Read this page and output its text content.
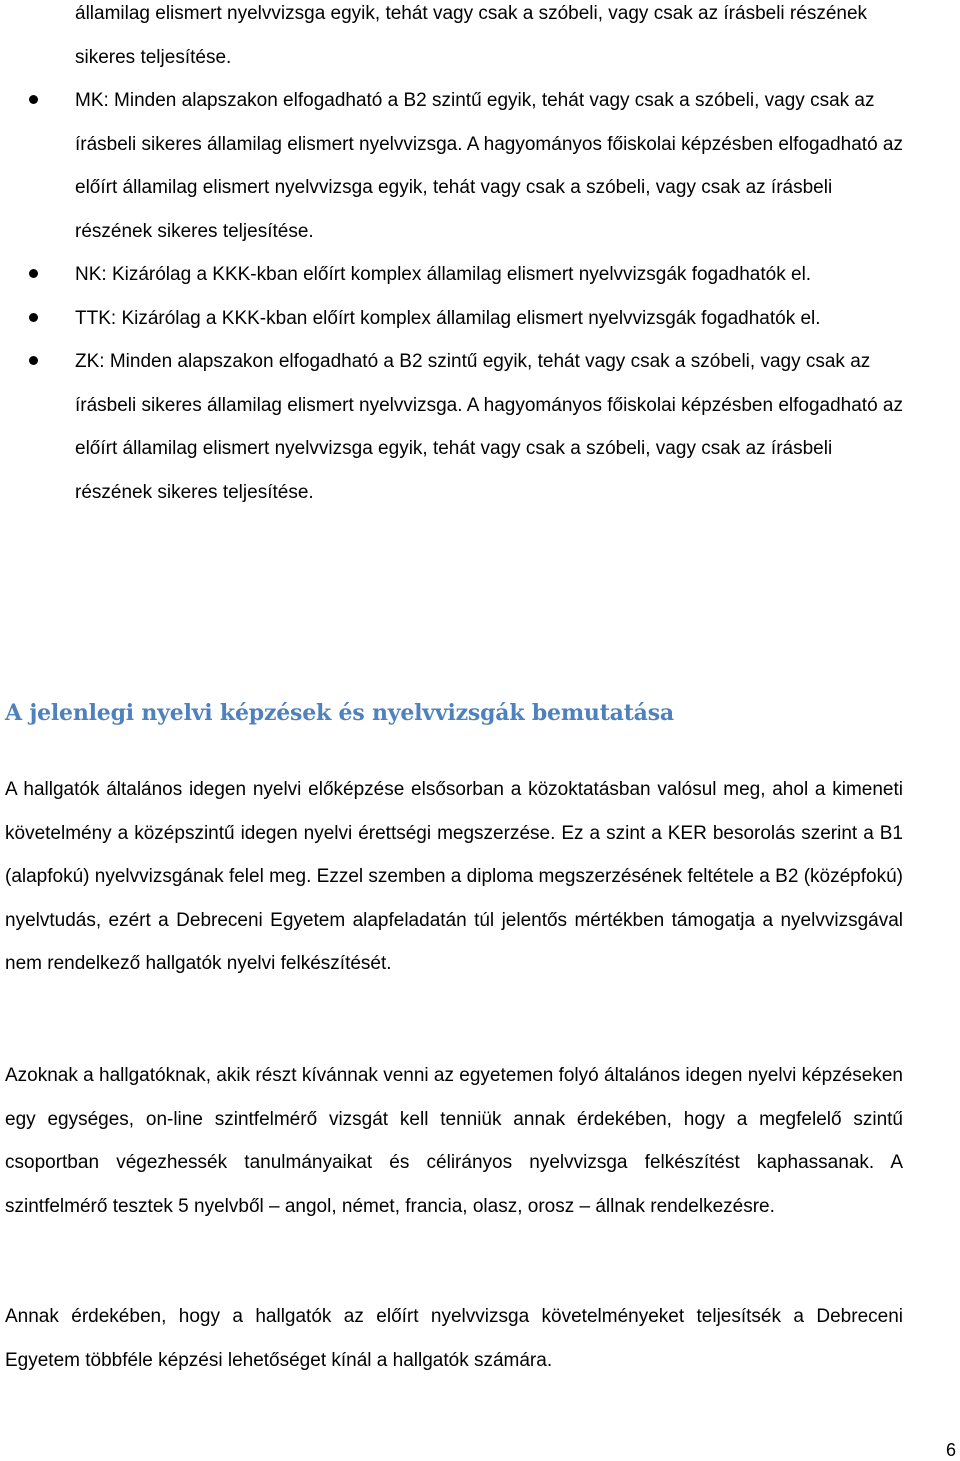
államilag elismert nyelvvizsga egyik, tehát vagy csak a szóbeli, vagy csak az írásbeli részének sikeres teljesítése.
MK: Minden alapszakon elfogadható a B2 szintű egyik, tehát vagy csak a szóbeli, vagy csak az írásbeli sikeres államilag elismert nyelvvizsga. A hagyományos főiskolai képzésben elfogadható az előírt államilag elismert nyelvvizsga egyik, tehát vagy csak a szóbeli, vagy csak az írásbeli részének sikeres teljesítése.
NK: Kizárólag a KKK-kban előírt komplex államilag elismert nyelvvizsgák fogadhatók el.
TTK: Kizárólag a KKK-kban előírt komplex államilag elismert nyelvvizsgák fogadhatók el.
ZK: Minden alapszakon elfogadható a B2 szintű egyik, tehát vagy csak a szóbeli, vagy csak az írásbeli sikeres államilag elismert nyelvvizsga. A hagyományos főiskolai képzésben elfogadható az előírt államilag elismert nyelvvizsga egyik, tehát vagy csak a szóbeli, vagy csak az írásbeli részének sikeres teljesítése.
A jelenlegi nyelvi képzések és nyelvvizsgák bemutatása

A hallgatók általános idegen nyelvi előképzése elsősorban a közoktatásban valósul meg, ahol a kimeneti követelmény a középszintű idegen nyelvi érettségi megszerzése. Ez a szint a KER besorolás szerint a B1 (alapfokú) nyelvvizsgának felel meg. Ezzel szemben a diploma megszerzésének feltétele a B2 (középfokú) nyelvtudás, ezért a Debreceni Egyetem alapfeladatán túl jelentős mértékben támogatja a nyelvvizsgával nem rendelkező hallgatók nyelvi felkészítését.

Azoknak a hallgatóknak, akik részt kívánnak venni az egyetemen folyó általános idegen nyelvi képzéseken egy egységes, on-line szintfelmérő vizsgát kell tenniük annak érdekében, hogy a megfelelő szintű csoportban végezhessék tanulmányaikat és célirányos nyelvvizsga felkészítést kaphassanak. A szintfelmérő tesztek 5 nyelvből – angol, német, francia, olasz, orosz – állnak rendelkezésre.

Annak érdekében, hogy a hallgatók az előírt nyelvvizsga követelményeket teljesítsék a Debreceni Egyetem többféle képzési lehetőséget kínál a hallgatók számára.

6
